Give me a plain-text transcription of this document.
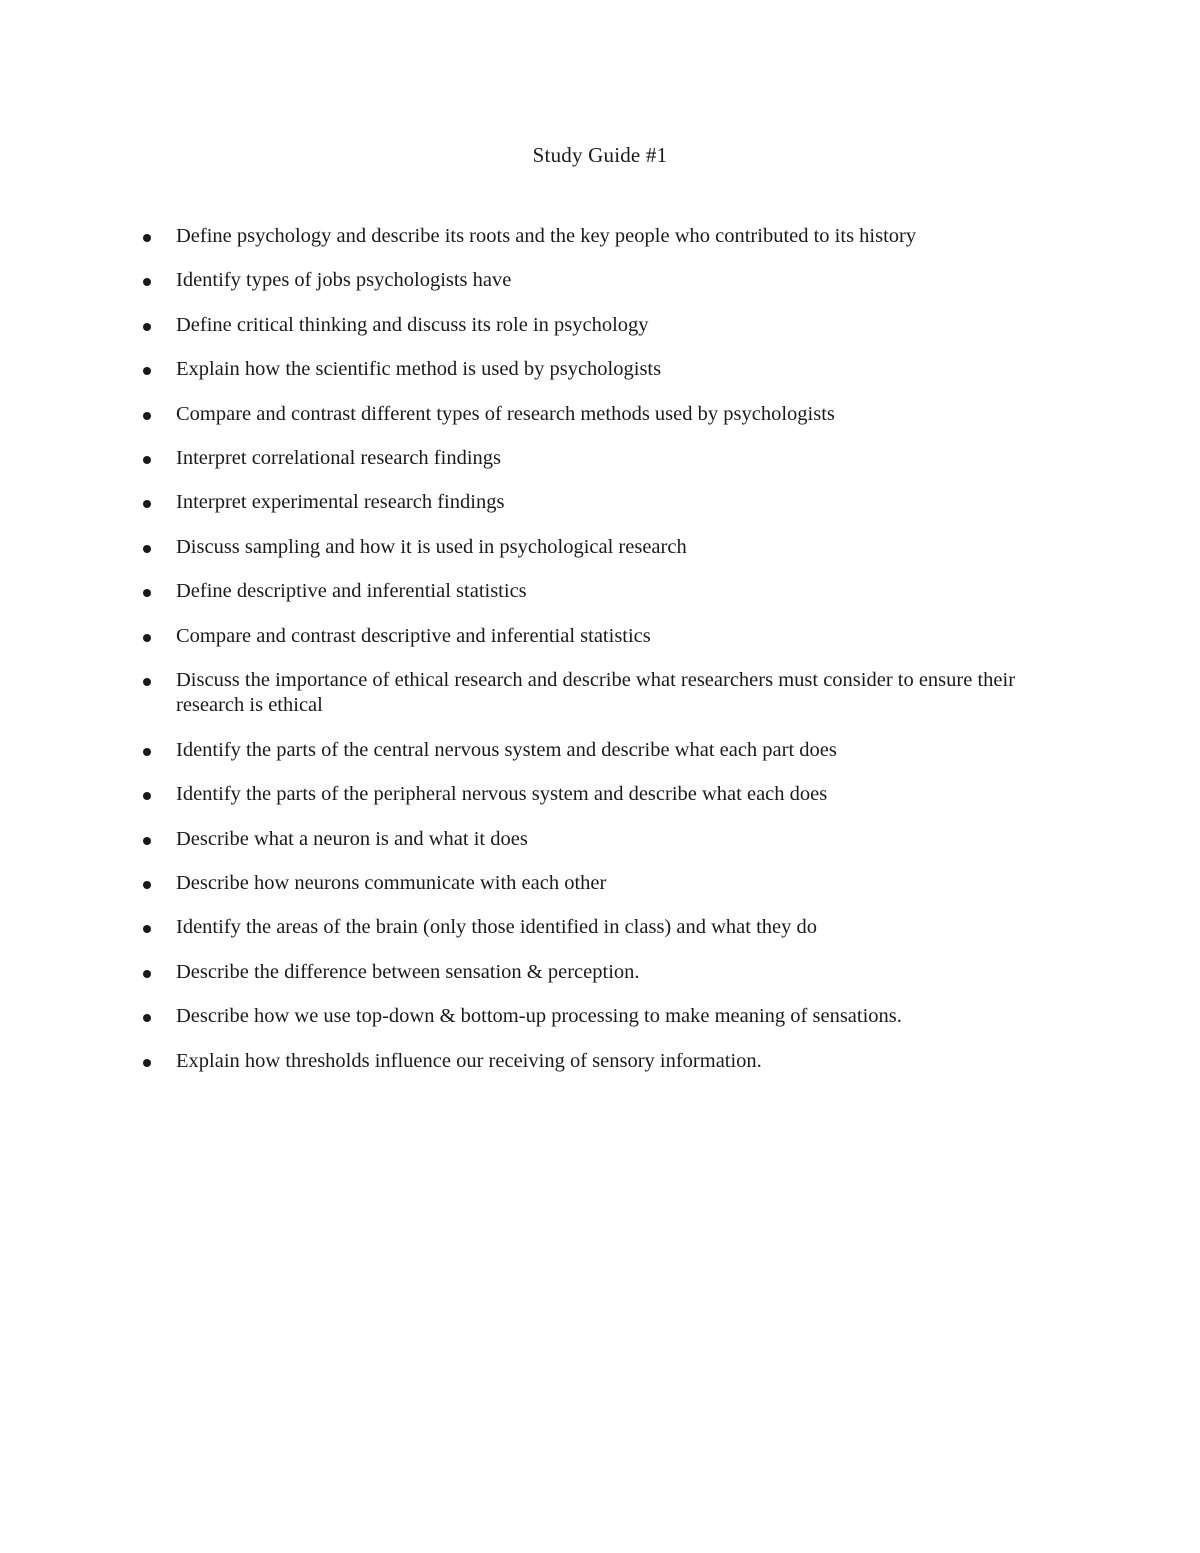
Study Guide #1
Define psychology and describe its roots and the key people who contributed to its history
Identify types of jobs psychologists have
Define critical thinking and discuss its role in psychology
Explain how the scientific method is used by psychologists
Compare and contrast different types of research methods used by psychologists
Interpret correlational research findings
Interpret experimental research findings
Discuss sampling and how it is used in psychological research
Define descriptive and inferential statistics
Compare and contrast descriptive and inferential statistics
Discuss the importance of ethical research and describe what researchers must consider to ensure their research is ethical
Identify the parts of the central nervous system and describe what each part does
Identify the parts of the peripheral nervous system and describe what each does
Describe what a neuron is and what it does
Describe how neurons communicate with each other
Identify the areas of the brain (only those identified in class) and what they do
Describe the difference between sensation & perception.
Describe how we use top-down & bottom-up processing to make meaning of sensations.
Explain how thresholds influence our receiving of sensory information.
